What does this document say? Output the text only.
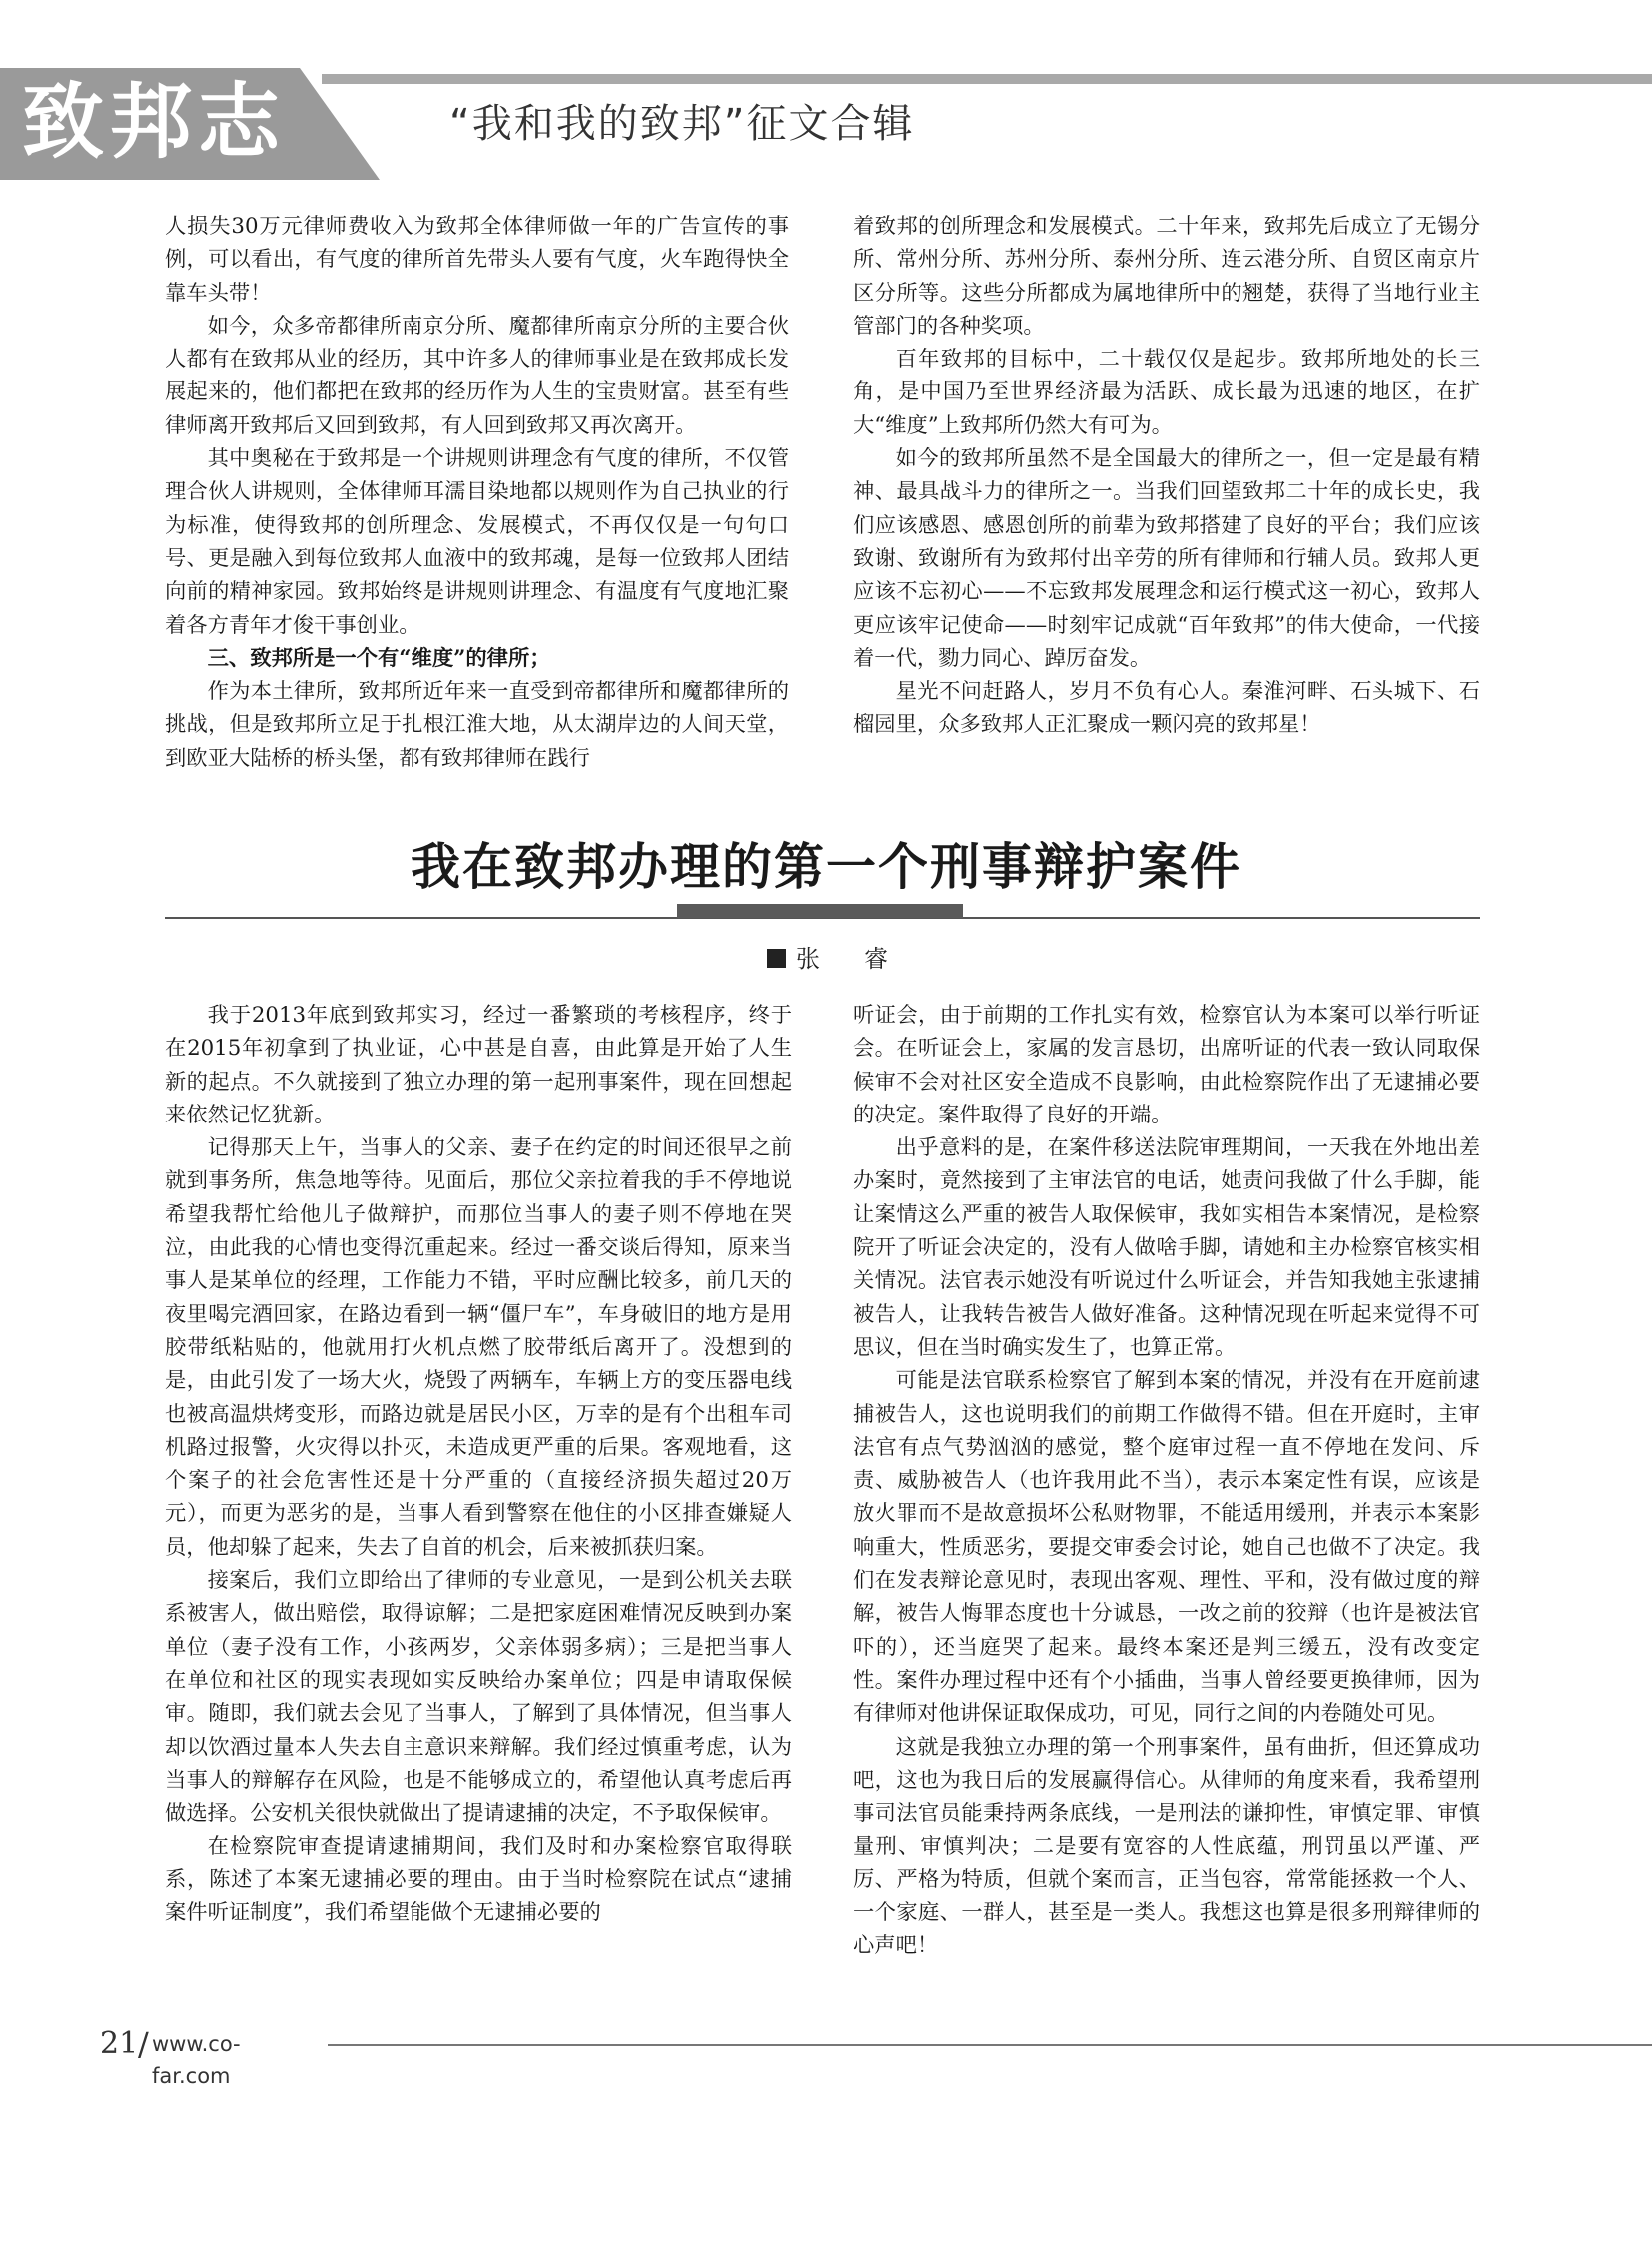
致邦志	“我和我的致邦”征文合辑

人损失30万元律师费收入为致邦全体律师做一年的广告宣传的事例，可以看出，有气度的律所首先带头人要有气度，火车跑得快全靠车头带！

如今，众多帝都律所南京分所、魔都律所南京分所的主要合伙人都有在致邦从业的经历，其中许多人的律师事业是在致邦成长发展起来的，他们都把在致邦的经历作为人生的宝贵财富。甚至有些律师离开致邦后又回到致邦，有人回到致邦又再次离开。

其中奥秘在于致邦是一个讲规则讲理念有气度的律所，不仅管理合伙人讲规则，全体律师耳濡目染地都以规则作为自己执业的行为标准，使得致邦的创所理念、发展模式，不再仅仅是一句句口号、更是融入到每位致邦人血液中的致邦魂，是每一位致邦人团结向前的精神家园。致邦始终是讲规则讲理念、有温度有气度地汇聚着各方青年才俊干事创业。

三、致邦所是一个有“维度”的律所；

作为本土律所，致邦所近年来一直受到帝都律所和魔都律所的挑战，但是致邦所立足于扎根江淮大地，从太湖岸边的人间天堂，到欧亚大陆桥的桥头堡，都有致邦律师在践行

着致邦的创所理念和发展模式。二十年来，致邦先后成立了无锡分所、常州分所、苏州分所、泰州分所、连云港分所、自贸区南京片区分所等。这些分所都成为属地律所中的翘楚，获得了当地行业主管部门的各种奖项。

百年致邦的目标中，二十载仅仅是起步。致邦所地处的长三角，是中国乃至世界经济最为活跃、成长最为迅速的地区，在扩大“维度”上致邦所仍然大有可为。

如今的致邦所虽然不是全国最大的律所之一，但一定是最有精神、最具战斗力的律所之一。当我们回望致邦二十年的成长史，我们应该感恩、感恩创所的前辈为致邦搭建了良好的平台；我们应该致谢、致谢所有为致邦付出辛劳的所有律师和行辅人员。致邦人更应该不忘初心——不忘致邦发展理念和运行模式这一初心，致邦人更应该牢记使命——时刻牢记成就“百年致邦”的伟大使命，一代接着一代，勠力同心、踔厉奋发。

星光不问赶路人，岁月不负有心人。秦淮河畔、石头城下、石榴园里，众多致邦人正汇聚成一颗闪亮的致邦星！

我在致邦办理的第一个刑事辩护案件
张　睿

我于2013年底到致邦实习，经过一番繁琐的考核程序，终于在2015年初拿到了执业证，心中甚是自喜，由此算是开始了人生新的起点。不久就接到了独立办理的第一起刑事案件，现在回想起来依然记忆犹新。

记得那天上午，当事人的父亲、妻子在约定的时间还很早之前就到事务所，焦急地等待。见面后，那位父亲拉着我的手不停地说希望我帮忙给他儿子做辩护，而那位当事人的妻子则不停地在哭泣，由此我的心情也变得沉重起来。经过一番交谈后得知，原来当事人是某单位的经理，工作能力不错，平时应酬比较多，前几天的夜里喝完酒回家，在路边看到一辆“僵尸车”，车身破旧的地方是用胶带纸粘贴的，他就用打火机点燃了胶带纸后离开了。没想到的是，由此引发了一场大火，烧毁了两辆车，车辆上方的变压器电线也被高温烘烤变形，而路边就是居民小区，万幸的是有个出租车司机路过报警，火灾得以扑灭，未造成更严重的后果。客观地看，这个案子的社会危害性还是十分严重的（直接经济损失超过20万元），而更为恶劣的是，当事人看到警察在他住的小区排查嫌疑人员，他却躲了起来，失去了自首的机会，后来被抓获归案。

接案后，我们立即给出了律师的专业意见，一是到公机关去联系被害人，做出赔偿，取得谅解；二是把家庭困难情况反映到办案单位（妻子没有工作，小孩两岁，父亲体弱多病）；三是把当事人在单位和社区的现实表现如实反映给办案单位；四是申请取保候审。随即，我们就去会见了当事人，了解到了具体情况，但当事人却以饮酒过量本人失去自主意识来辩解。我们经过慎重考虑，认为当事人的辩解存在风险，也是不能够成立的，希望他认真考虑后再做选择。公安机关很快就做出了提请逮捕的决定，不予取保候审。

在检察院审查提请逮捕期间，我们及时和办案检察官取得联系，陈述了本案无逮捕必要的理由。由于当时检察院在试点“逮捕案件听证制度”，我们希望能做个无逮捕必要的

听证会，由于前期的工作扎实有效，检察官认为本案可以举行听证会。在听证会上，家属的发言恳切，出席听证的代表一致认同取保候审不会对社区安全造成不良影响，由此检察院作出了无逮捕必要的决定。案件取得了良好的开端。

出乎意料的是，在案件移送法院审理期间，一天我在外地出差办案时，竟然接到了主审法官的电话，她责问我做了什么手脚，能让案情这么严重的被告人取保候审，我如实相告本案情况，是检察院开了听证会决定的，没有人做啥手脚，请她和主办检察官核实相关情况。法官表示她没有听说过什么听证会，并告知我她主张逮捕被告人，让我转告被告人做好准备。这种情况现在听起来觉得不可思议，但在当时确实发生了，也算正常。

可能是法官联系检察官了解到本案的情况，并没有在开庭前逮捕被告人，这也说明我们的前期工作做得不错。但在开庭时，主审法官有点气势汹汹的感觉，整个庭审过程一直不停地在发问、斥责、威胁被告人（也许我用此不当），表示本案定性有误，应该是放火罪而不是故意损坏公私财物罪，不能适用缓刑，并表示本案影响重大，性质恶劣，要提交审委会讨论，她自己也做不了决定。我们在发表辩论意见时，表现出客观、理性、平和，没有做过度的辩解，被告人悔罪态度也十分诚恳，一改之前的狡辩（也许是被法官吓的），还当庭哭了起来。最终本案还是判三缓五，没有改变定性。案件办理过程中还有个小插曲，当事人曾经要更换律师，因为有律师对他讲保证取保成功，可见，同行之间的内卷随处可见。

这就是我独立办理的第一个刑事案件，虽有曲折，但还算成功吧，这也为我日后的发展赢得信心。从律师的角度来看，我希望刑事司法官员能秉持两条底线，一是刑法的谦抑性，审慎定罪、审慎量刑、审慎判决；二是要有宽容的人性底蕴，刑罚虽以严谨、严厉、严格为特质，但就个案而言，正当包容，常常能拯救一个人、一个家庭、一群人，甚至是一类人。我想这也算是很多刑辩律师的心声吧！

21 / www.co-far.com
